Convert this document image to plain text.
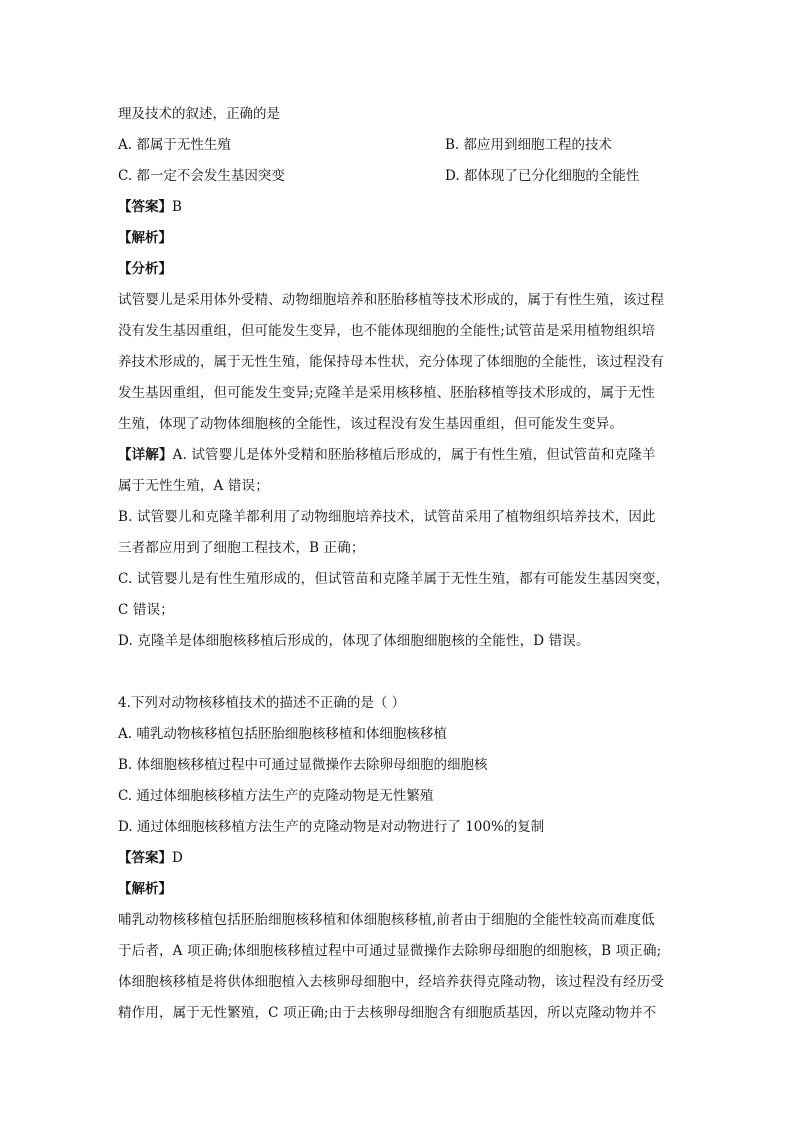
理及技术的叙述，正确的是
A. 都属于无性生殖	B. 都应用到细胞工程的技术
C. 都一定不会发生基因突变	D. 都体现了已分化细胞的全能性
【答案】B
【解析】
【分析】
试管婴儿是采用体外受精、动物细胞培养和胚胎移植等技术形成的，属于有性生殖，该过程
没有发生基因重组，但可能发生变异，也不能体现细胞的全能性;试管苗是采用植物组织培
养技术形成的，属于无性生殖，能保持母本性状，充分体现了体细胞的全能性，该过程没有
发生基因重组，但可能发生变异;克隆羊是采用核移植、胚胎移植等技术形成的，属于无性
生殖，体现了动物体细胞核的全能性，该过程没有发生基因重组，但可能发生变异。
【详解】A. 试管婴儿是体外受精和胚胎移植后形成的，属于有性生殖，但试管苗和克隆羊
属于无性生殖，A 错误；
B. 试管婴儿和克隆羊都利用了动物细胞培养技术，试管苗采用了植物组织培养技术，因此
三者都应用到了细胞工程技术，B 正确；
C. 试管婴儿是有性生殖形成的，但试管苗和克隆羊属于无性生殖，都有可能发生基因突变，
C 错误；
D. 克隆羊是体细胞核移植后形成的，体现了体细胞细胞核的全能性，D 错误。
4.下列对动物核移植技术的描述不正确的是（ ）
A. 哺乳动物核移植包括胚胎细胞核移植和体细胞核移植
B. 体细胞核移植过程中可通过显微操作去除卵母细胞的细胞核
C. 通过体细胞核移植方法生产的克隆动物是无性繁殖
D. 通过体细胞核移植方法生产的克隆动物是对动物进行了 100%的复制
【答案】D
【解析】
哺乳动物核移植包括胚胎细胞核移植和体细胞核移植,前者由于细胞的全能性较高而难度低
于后者，A 项正确;体细胞核移植过程中可通过显微操作去除卵母细胞的细胞核，B 项正确;
体细胞核移植是将供体细胞植入去核卵母细胞中，经培养获得克隆动物，该过程没有经历受
精作用，属于无性繁殖，C 项正确;由于去核卵母细胞含有细胞质基因，所以克隆动物并不
